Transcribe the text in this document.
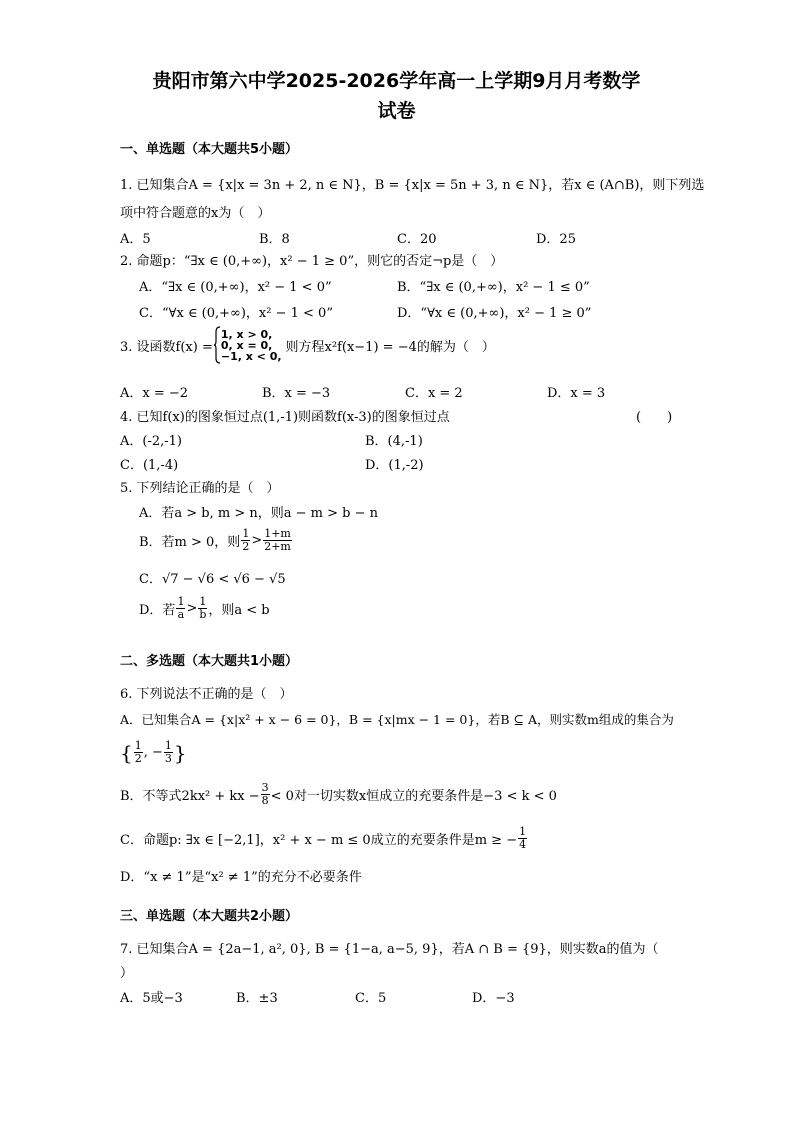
贵阳市第六中学2025-2026学年高一上学期9月月考数学
试卷
一、单选题（本大题共5小题）
1. 已知集合A = {x|x = 3n + 2, n ∈ N}，B = {x|x = 5n + 3, n ∈ N}，若x ∈ (A∩B)，则下列选
项中符合题意的x为（　）
A．5	B．8	C．20	D．25
2. 命题p：“∃x ∈ (0,+∞)，x² − 1 ≥ 0”，则它的否定¬p是（　）
A．“∃x ∈ (0,+∞)，x² − 1 < 0”	B．“∃x ∈ (0,+∞)，x² − 1 ≤ 0”
C．“∀x ∈ (0,+∞)，x² − 1 < 0”	D．“∀x ∈ (0,+∞)，x² − 1 ≥ 0”
3. 设函数f(x) =
1, x > 0,
0, x = 0,
−1, x < 0,
则方程x²f(x−1) = −4的解为（　）
A．x = −2	B．x = −3	C．x = 2	D．x = 3
4. 已知f(x)的图象恒过点(1,-1)则函数f(x-3)的图象恒过点	(　　)
A．(-2,-1)	B．(4,-1)
C．(1,-4)	D．(1,-2)
5. 下列结论正确的是（　）
A．若a > b, m > n，则a − m > b − n
B．若m > 0，则 $\frac{1}{2} > \frac{1+m}{2+m}$
C．√7 − √6 < √6 − √5
D．若 $\frac{1}{a} > \frac{1}{b}$ ，则a < b
二、多选题（本大题共1小题）
6. 下列说法不正确的是（　）
A．已知集合A = {x|x² + x − 6 = 0}，B = {x|mx − 1 = 0}，若B ⊆ A，则实数m组成的集合为
{ $\frac{1}{2}$ , − $\frac{1}{3}$ }
B．不等式2kx² + kx − $\frac{3}{8} < 0$对一切实数x恒成立的充要条件是−3 < k < 0
C．命题p: ∃x ∈ [−2,1]，x² + x − m ≤ 0成立的充要条件是m ≥ − $\frac{1}{4}$
D．“x ≠ 1”是“x² ≠ 1”的充分不必要条件
三、单选题（本大题共2小题）
7. 已知集合A = {2a−1, a², 0}, B = {1−a, a−5, 9}，若A ∩ B = {9}，则实数a的值为（
）
A．5或−3	B．±3	C．5	D．−3
